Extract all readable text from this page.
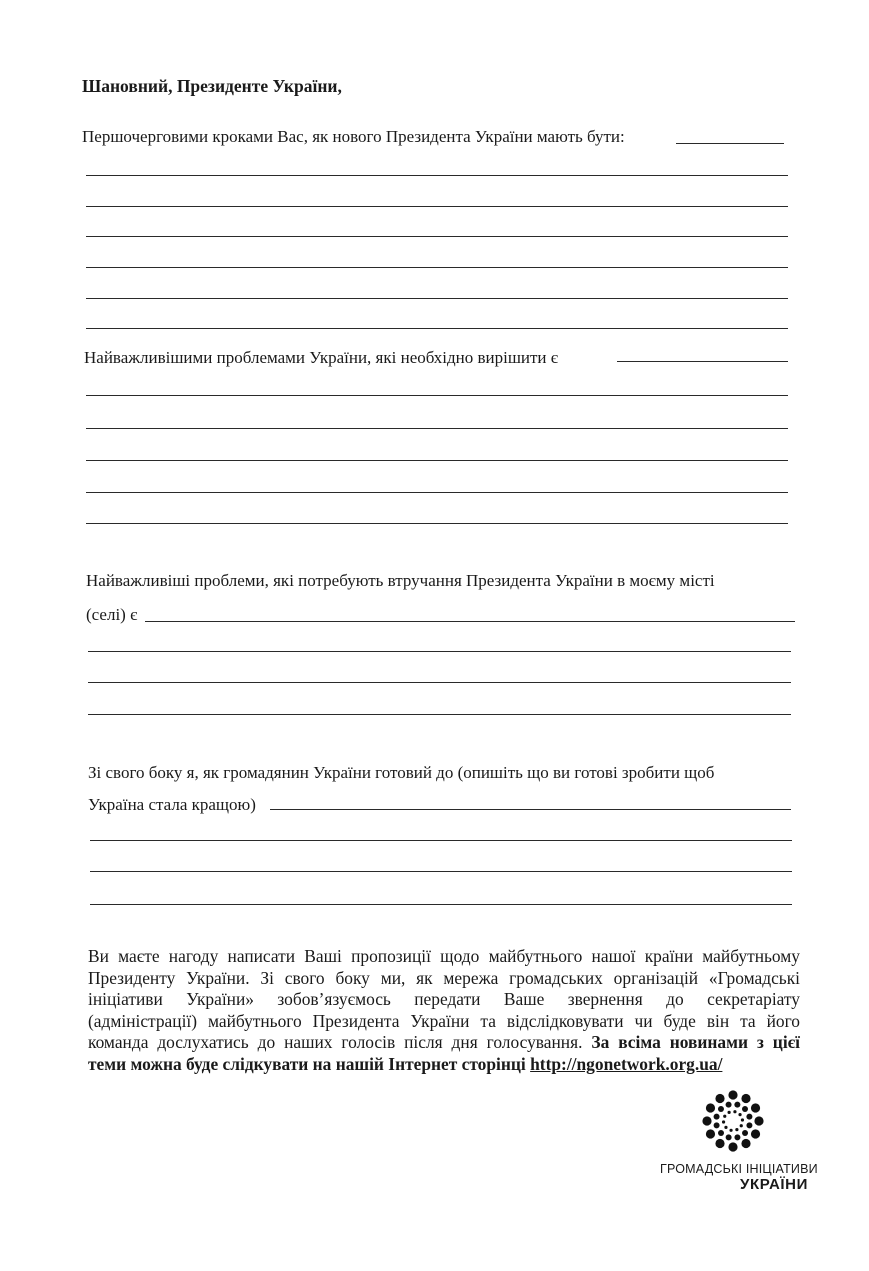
Шановний, Президенте України,
Першочерговими кроками Вас, як нового Президента України мають бути:
Найважливішими проблемами України, які необхідно вирішити є
Найважливіші проблеми, які потребують втручання Президента України в моєму місті
(селі) є
Зі свого боку я, як громадянин України готовий до (опишіть що ви готові зробити щоб
Україна стала кращою)
Ви маєте нагоду написати Ваші пропозиції щодо майбутнього нашої країни майбутньому
Президенту України. Зі свого боку ми, як мережа громадських організацій «Громадські
ініціативи України» зобов’язуємось передати Ваше звернення до секретаріату
(адміністрації) майбутнього Президента України та відслідковувати чи буде він та його
команда дослухатись до наших голосів після дня голосування. За всіма новинами з цієї
теми можна буде слідкувати на нашій Інтернет сторінці http://ngonetwork.org.ua/
ГРОМАДСЬКІ ІНІЦІАТИВИ
УКРАЇНИ
